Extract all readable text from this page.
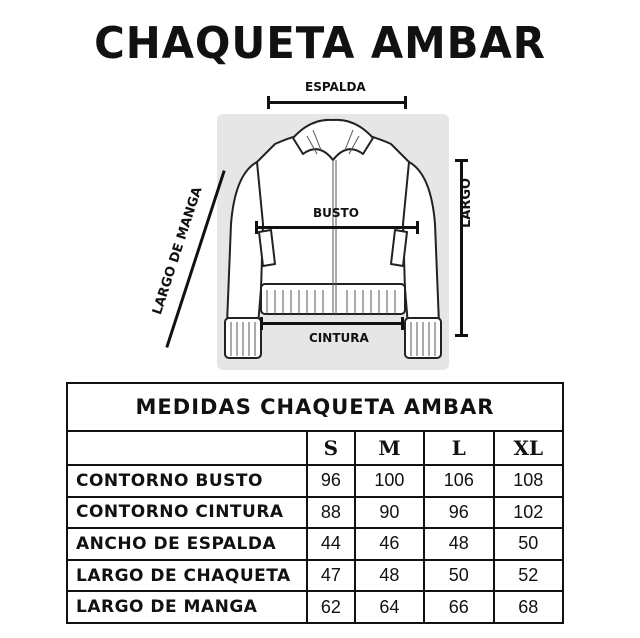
CHAQUETA AMBAR
ESPALDA
BUSTO
CINTURA
LARGO
LARGO DE MANGA
MEDIDAS CHAQUETA AMBAR				
	S	M	L	XL
CONTORNO BUSTO	96	100	106	108
CONTORNO CINTURA	88	90	96	102
ANCHO DE ESPALDA	44	46	48	50
LARGO DE CHAQUETA	47	48	50	52
LARGO DE MANGA	62	64	66	68
